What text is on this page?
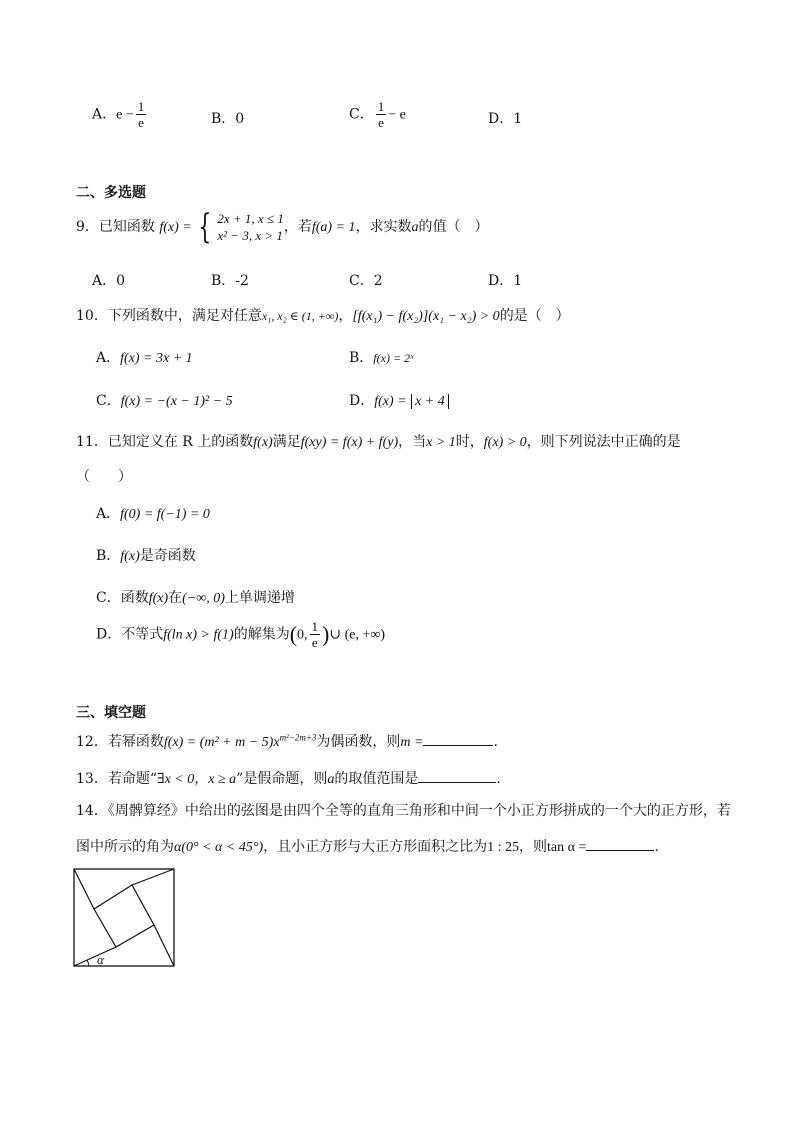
A．$e - \frac{1}{e}$	B．0	C． $\frac{1}{e} - e$	D．1
二、多选题
9．已知函数 f(x) = { 2x + 1, x ≤ 1
x² − 3, x > 1
，若f(a) = 1，求实数a的值（　）
A．0	B．-2	C．2	D．1
10．下列函数中，满足对任意x₁, x₂ ∈ (1, +∞)，[f(x₁) − f(x₂)](x₁ − x₂) > 0的是（　）
A．f(x) = 3x + 1	B．f(x) = 2ˣ
C．f(x) = −(x − 1)² − 5	D．f(x) = x + 4
11．已知定义在 R 上的函数f(x)满足f(xy) = f(x) + f(y)，当x > 1时，f(x) > 0，则下列说法中正确的是
（　　）
A．f(0) = f(−1) = 0
B．f(x)是奇函数
C．函数f(x)在(−∞, 0)上单调递增
D．不等式f(ln x) > f(1)的解集为(0, $\frac{1}{e}$ )∪ (e, +∞)
三、填空题
12．若幂函数$f(x) = (m^2 + m - 5)x^{m^2-2m+3}$为偶函数，则m =	.
13．若命题“∃x < 0，x ≥ a”是假命题，则a的取值范围是	.
14．《周髀算经》中给出的弦图是由四个全等的直角三角形和中间一个小正方形拼成的一个大的正方形，若
图中所示的角为α(0° < α < 45°)，且小正方形与大正方形面积之比为1 : 25，则tan α =	.
α
